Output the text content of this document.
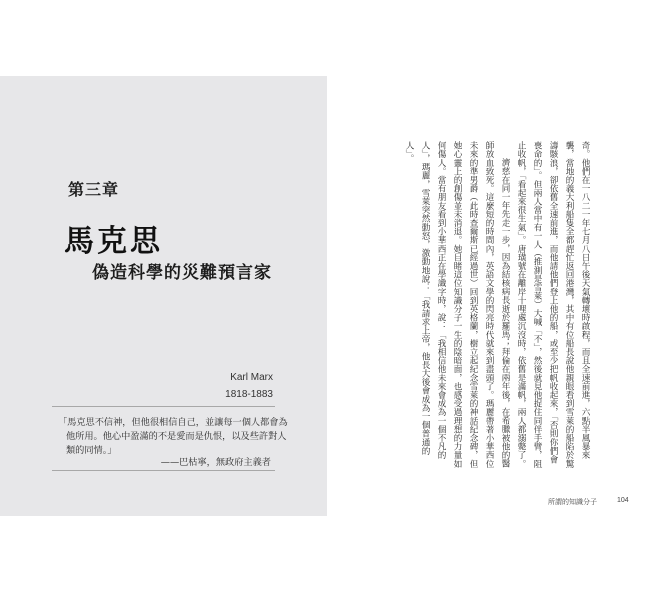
第三章
馬克思
偽造科學的災難預言家
Karl Marx
1818-1883
「馬克思不信神，但他很相信自己，並讓每一個人都會為
他所用。他心中盈滿的不是愛而是仇恨，以及些許對人
類的同情。」
——巴枯寧，無政府主義者

奇。他們在一八二一年七月八日午後天氣轉壞時啟程，而且全速前進，六點半風暴來襲，當地的義大利船隻全都趕忙返回港灣，其中有位船長說他親眼看到雪萊的船陷於驚濤駭浪，卻依舊全速前進，而他請他們登上他的船，或至少把帆收起來，「否則你們會喪命的」。但兩人當中有一人（推測是雪萊）大喊「不」，然後就見他捉住同伴手臂，阻止收帆，「看起來很生氣」。唐璜號在離岸十哩處沉沒時，依舊是滿帆，兩人都溺斃了。

濟慈在同一年先走一步，因為結核病長逝於羅馬；拜倫在兩年後，在希臘被他的醫師放血致死。這麼短的時間內，英語文學的閃亮時代就來到盡頭了。瑪麗帶著小華西位未來的準男爵（此時查爾斯已經過世）回到英格蘭，樹立起紀念雪萊的神話紀念碑，但她心靈上的創傷並未消退。她目睹這位知識分子一生的陰暗面，也感受過理想的力量如何傷人。當有朋友看到小華西正在學識字時，說：「我相信他未來會成為一個不凡的人」，瑪麗，雪萊突然動怒，激動地說：「我請求上帝，他長大後會成為一個普通的人」。

所謂的知識分子	104
